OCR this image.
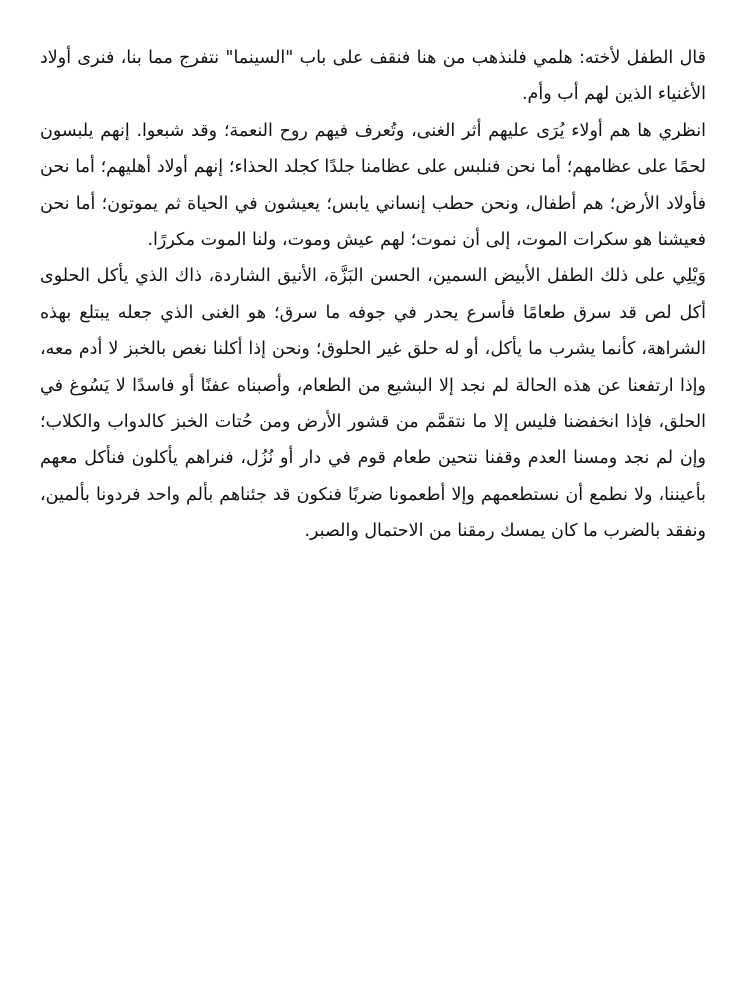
قال الطفل لأخته: هلمي فلنذهب من هنا فنقف على باب "السينما" نتفرج مما بنا، فنرى أولاد الأغنياء الذين لهم أب وأم.

انظري ها هم أولاء يُرَى عليهم أثر الغنى، وتُعرف فيهم روح النعمة؛ وقد شبعوا. إنهم يلبسون لحمًا على عظامهم؛ أما نحن فنلبس على عظامنا جلدًا كجلد الحذاء؛ إنهم أولاد أهليهم؛ أما نحن فأولاد الأرض؛ هم أطفال، ونحن حطب إنساني يابس؛ يعيشون في الحياة ثم يموتون؛ أما نحن فعيشنا هو سكرات الموت، إلى أن نموت؛ لهم عيش وموت، ولنا الموت مكررًا.

وَيْلِي على ذلك الطفل الأبيض السمين، الحسن البَزَّة، الأنيق الشاردة، ذاك الذي يأكل الحلوى أكل لص قد سرق طعامًا فأسرع يحدر في جوفه ما سرق؛ هو الغنى الذي جعله يبتلع بهذه الشراهة، كأنما يشرب ما يأكل، أو له حلق غير الحلوق؛ ونحن إذا أكلنا نغص بالخبز لا أدم معه، وإذا ارتفعنا عن هذه الحالة لم نجد إلا البشيع من الطعام، وأصبناه عفنًا أو فاسدًا لا يَسُوغ في الحلق، فإذا انخفضنا فليس إلا ما نتقمَّم من قشور الأرض ومن حُتات الخبز كالدواب والكلاب؛ وإن لم نجد ومسنا العدم وقفنا نتحين طعام قوم في دار أو نُزُل، فنراهم يأكلون فنأكل معهم بأعيننا، ولا نطمع أن نستطعمهم وإلا أطعمونا ضربًا فنكون قد جئناهم بألم واحد فردونا بألمين، ونفقد بالضرب ما كان يمسك رمقنا من الاحتمال والصبر.
